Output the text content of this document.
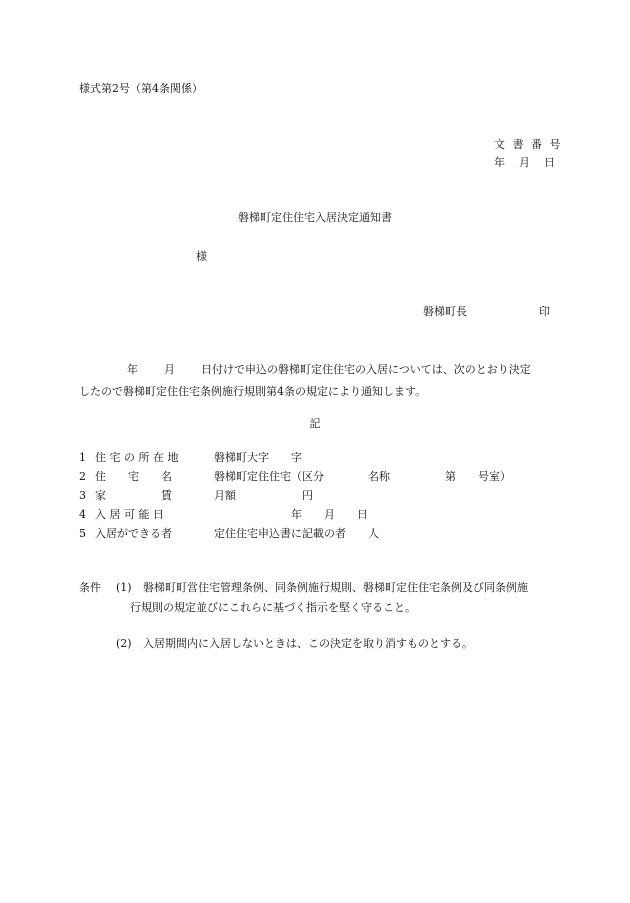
様式第2号（第4条関係）
文 書 番 号
年 月 日
磐梯町定住住宅入居決定通知書
様
磐梯町長	印
年 月 日付けで申込の磐梯町定住住宅の入居については、次のとおり決定
したので磐梯町定住住宅条例施行規則第4条の規定により通知します。
記
1 住 宅 の 所 在 地	磐梯町大字　　字
2 住　　宅　　名	磐梯町定住住宅（区分　　　　名称　　　　　第　　号室）
3 家　　　　　賃	月額　　　　　　円
4 入 居 可 能 日	　　　　　　　年　　月　　日
5 入居ができる者	定住住宅申込書に記載の者　　人
条件 (1) 磐梯町町営住宅管理条例、同条例施行規則、磐梯町定住住宅条例及び同条例施
行規則の規定並びにこれらに基づく指示を堅く守ること。
(2) 入居期間内に入居しないときは、この決定を取り消すものとする。
